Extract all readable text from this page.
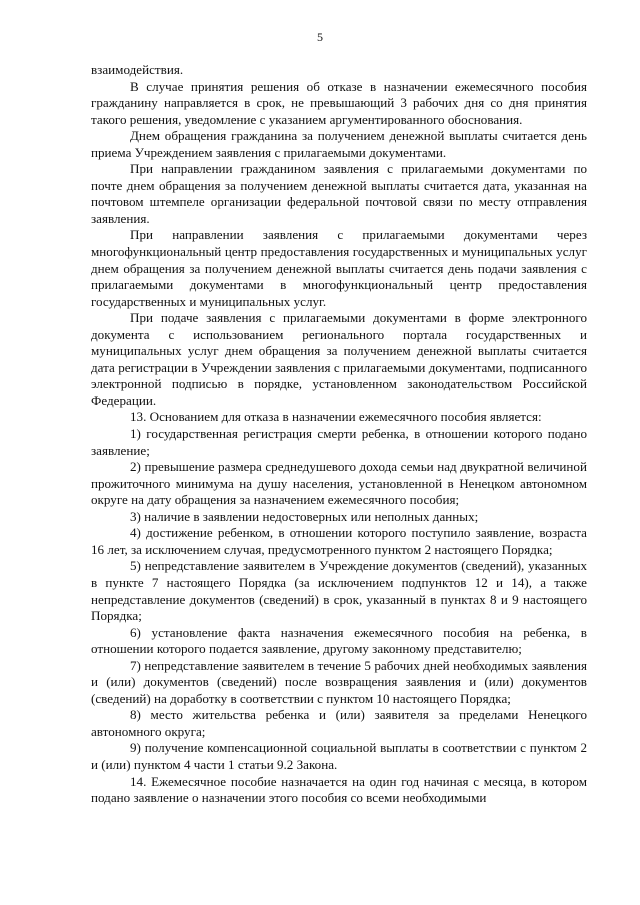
5

взаимодействия.

В случае принятия решения об отказе в назначении ежемесячного пособия гражданину направляется в срок, не превышающий 3 рабочих дня со дня принятия такого решения, уведомление с указанием аргументированного обоснования.

Днем обращения гражданина за получением денежной выплаты считается день приема Учреждением заявления с прилагаемыми документами.

При направлении гражданином заявления с прилагаемыми документами по почте днем обращения за получением денежной выплаты считается дата, указанная на почтовом штемпеле организации федеральной почтовой связи по месту отправления заявления.

При направлении заявления с прилагаемыми документами через многофункциональный центр предоставления государственных и муниципальных услуг днем обращения за получением денежной выплаты считается день подачи заявления с прилагаемыми документами в многофункциональный центр предоставления государственных и муниципальных услуг.

При подаче заявления с прилагаемыми документами в форме электронного документа с использованием регионального портала государственных и муниципальных услуг днем обращения за получением денежной выплаты считается дата регистрации в Учреждении заявления с прилагаемыми документами, подписанного электронной подписью в порядке, установленном законодательством Российской Федерации.

13. Основанием для отказа в назначении ежемесячного пособия является:

1) государственная регистрация смерти ребенка, в отношении которого подано заявление;

2) превышение размера среднедушевого дохода семьи над двукратной величиной прожиточного минимума на душу населения, установленной в Ненецком автономном округе на дату обращения за назначением ежемесячного пособия;

3) наличие в заявлении недостоверных или неполных данных;

4) достижение ребенком, в отношении которого поступило заявление, возраста 16 лет, за исключением случая, предусмотренного пунктом 2 настоящего Порядка;

5) непредставление заявителем в Учреждение документов (сведений), указанных в пункте 7 настоящего Порядка (за исключением подпунктов 12 и 14), а также непредставление документов (сведений) в срок, указанный в пунктах 8 и 9 настоящего Порядка;

6) установление факта назначения ежемесячного пособия на ребенка, в отношении которого подается заявление, другому законному представителю;

7) непредставление заявителем в течение 5 рабочих дней необходимых заявления и (или) документов (сведений) после возвращения заявления и (или) документов (сведений) на доработку в соответствии с пунктом 10 настоящего Порядка;

8) место жительства ребенка и (или) заявителя за пределами Ненецкого автономного округа;

9) получение компенсационной социальной выплаты в соответствии с пунктом 2 и (или) пунктом 4 части 1 статьи 9.2 Закона.

14. Ежемесячное пособие назначается на один год начиная с месяца, в котором подано заявление о назначении этого пособия со всеми необходимыми
